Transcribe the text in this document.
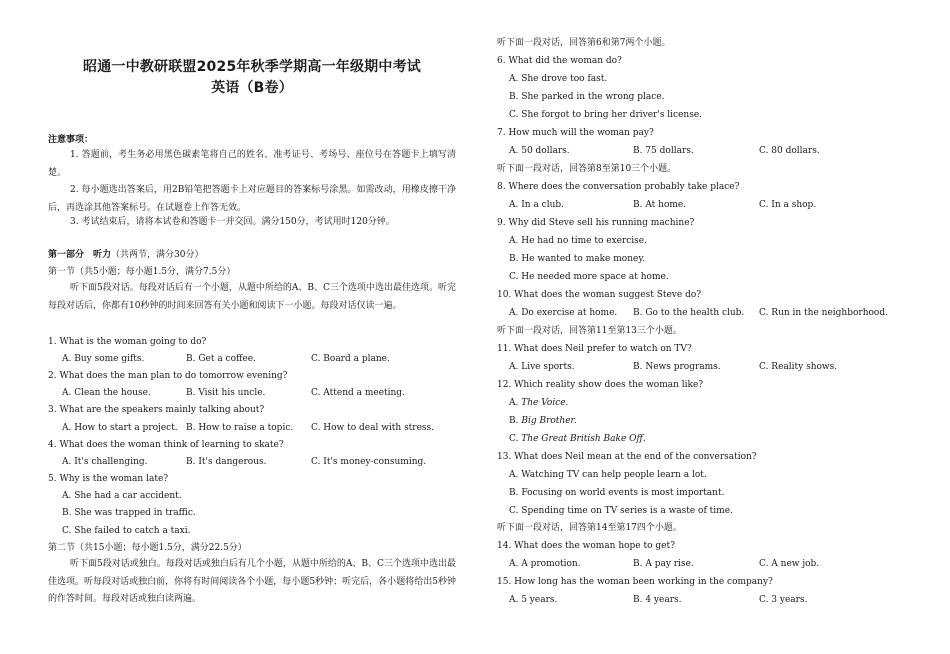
昭通一中教研联盟2025年秋季学期高一年级期中考试
英语（B卷）
注意事项：
1. 答题前，考生务必用黑色碳素笔将自己的姓名、准考证号、考场号、座位号在答题卡上填写清楚。
2. 每小题选出答案后，用2B铅笔把答题卡上对应题目的答案标号涂黑。如需改动，用橡皮擦干净后，再选涂其他答案标号。在试题卷上作答无效。
3. 考试结束后，请将本试卷和答题卡一并交回。满分150分，考试用时120分钟。
第一部分　听力（共两节，满分30分）
第一节（共5小题；每小题1.5分，满分7.5分）
听下面5段对话。每段对话后有一个小题，从题中所给的A、B、C三个选项中选出最佳选项。听完每段对话后，你都有10秒钟的时间来回答有关小题和阅读下一小题。每段对话仅读一遍。
1. What is the woman going to do?
A. Buy some gifts.	B. Get a coffee.	C. Board a plane.
2. What does the man plan to do tomorrow evening?
A. Clean the house.	B. Visit his uncle.	C. Attend a meeting.
3. What are the speakers mainly talking about?
A. How to start a project. B. How to raise a topic. C. How to deal with stress.
4. What does the woman think of learning to skate?
A. It's challenging.	B. It's dangerous.	C. It's money-consuming.
5. Why is the woman late?
A. She had a car accident.
B. She was trapped in traffic.
C. She failed to catch a taxi.
第二节（共15小题；每小题1.5分，满分22.5分）
听下面5段对话或独白。每段对话或独白后有几个小题，从题中所给的A、B、C三个选项中选出最佳选项。听每段对话或独白前，你将有时间阅读各个小题，每小题5秒钟；听完后，各小题将给出5秒钟的作答时间。每段对话或独白读两遍。
听下面一段对话，回答第6和第7两个小题。
6. What did the woman do?
A. She drove too fast.
B. She parked in the wrong place.
C. She forgot to bring her driver's license.
7. How much will the woman pay?
A. 50 dollars.	B. 75 dollars.	C. 80 dollars.
听下面一段对话，回答第8至第10三个小题。
8. Where does the conversation probably take place?
A. In a club.	B. At home.	C. In a shop.
9. Why did Steve sell his running machine?
A. He had no time to exercise.
B. He wanted to make money.
C. He needed more space at home.
10. What does the woman suggest Steve do?
A. Do exercise at home. B. Go to the health club. C. Run in the neighborhood.
听下面一段对话，回答第11至第13三个小题。
11. What does Neil prefer to watch on TV?
A. Live sports.	B. News programs.	C. Reality shows.
12. Which reality show does the woman like?
A. The Voice.
B. Big Brother.
C. The Great British Bake Off.
13. What does Neil mean at the end of the conversation?
A. Watching TV can help people learn a lot.
B. Focusing on world events is most important.
C. Spending time on TV series is a waste of time.
听下面一段对话，回答第14至第17四个小题。
14. What does the woman hope to get?
A. A promotion.	B. A pay rise.	C. A new job.
15. How long has the woman been working in the company?
A. 5 years.	B. 4 years.	C. 3 years.
